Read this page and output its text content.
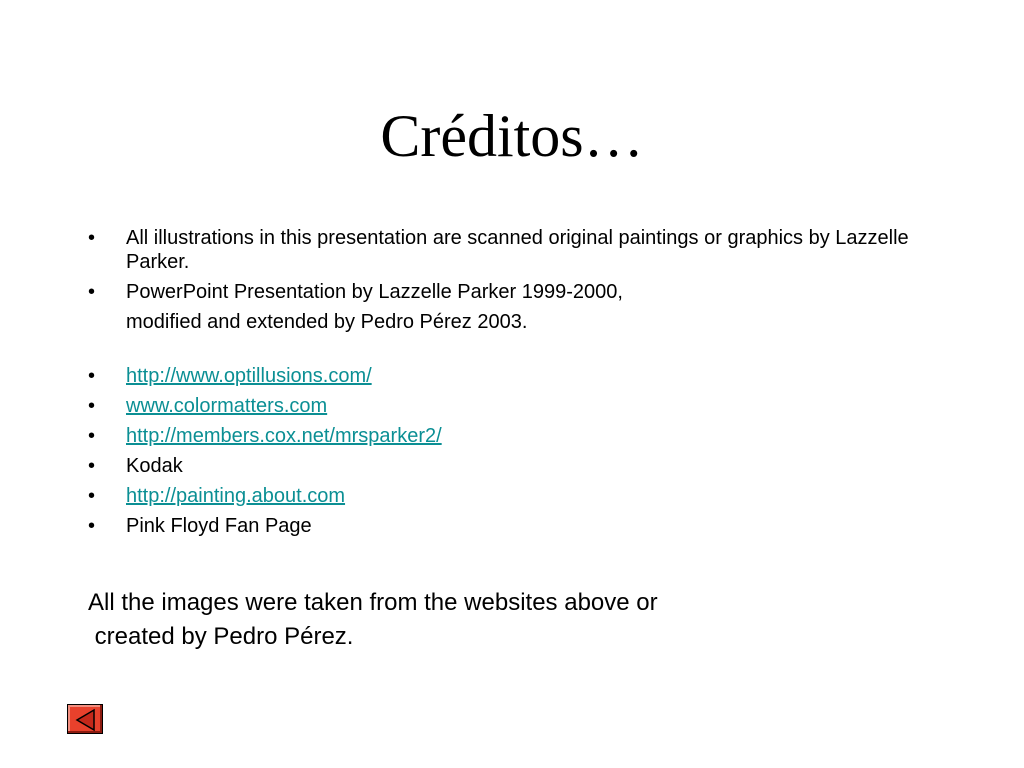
Créditos…
•	All illustrations in this presentation are scanned original paintings or graphics by Lazzelle Parker.
•	PowerPoint Presentation by Lazzelle Parker 1999-2000,
modified and extended by Pedro Pérez 2003.
•	http://www.optillusions.com/
•	www.colormatters.com
•	http://members.cox.net/mrsparker2/
•	Kodak
•	http://painting.about.com
•	Pink Floyd Fan Page
All the images were taken from the websites above or
created by Pedro Pérez.
